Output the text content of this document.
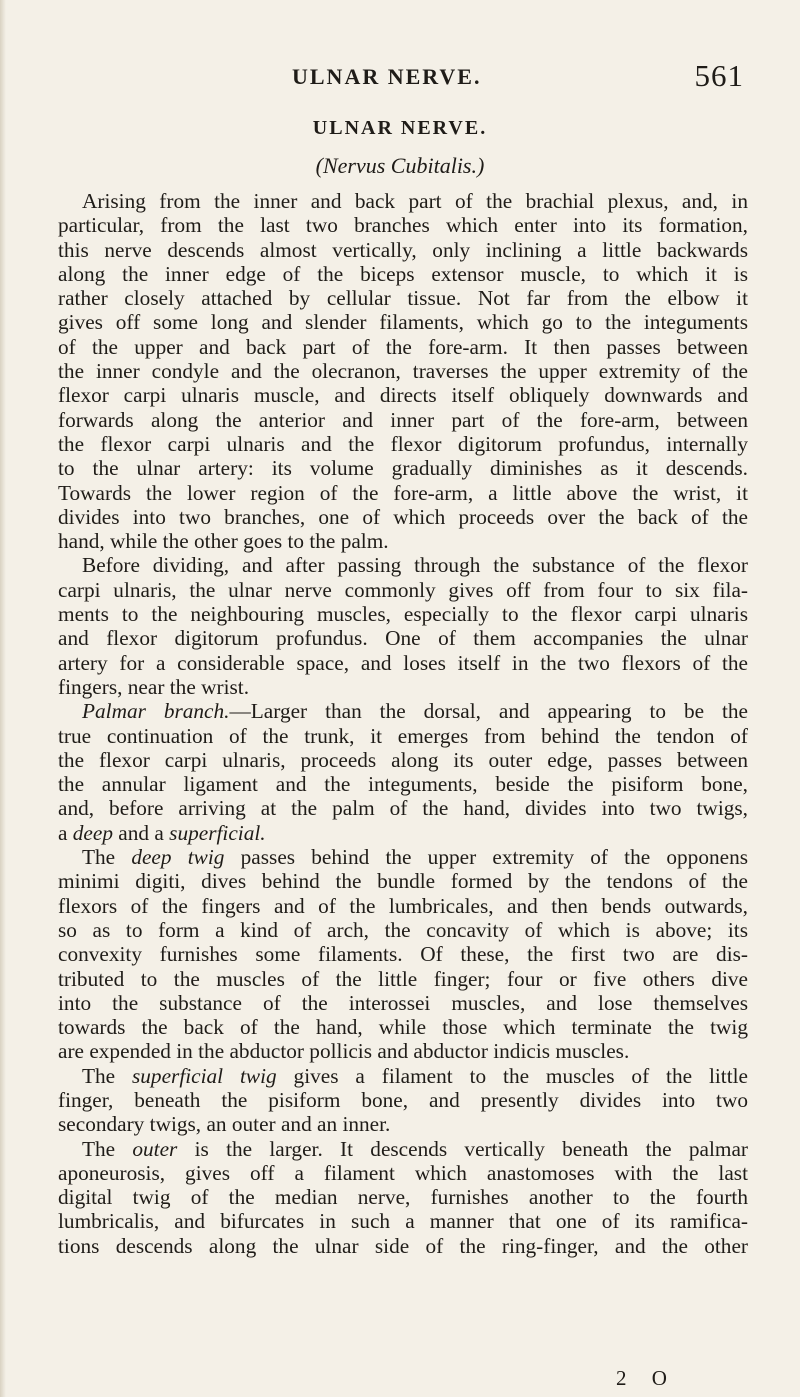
ULNAR NERVE.	561
ULNAR NERVE.
(Nervus Cubitalis.)
Arising from the inner and back part of the brachial plexus, and, in
particular, from the last two branches which enter into its formation,
this nerve descends almost vertically, only inclining a little backwards
along the inner edge of the biceps extensor muscle, to which it is
rather closely attached by cellular tissue. Not far from the elbow it
gives off some long and slender filaments, which go to the integuments
of the upper and back part of the fore-arm. It then passes between
the inner condyle and the olecranon, traverses the upper extremity of the
flexor carpi ulnaris muscle, and directs itself obliquely downwards and
forwards along the anterior and inner part of the fore-arm, between
the flexor carpi ulnaris and the flexor digitorum profundus, internally
to the ulnar artery: its volume gradually diminishes as it descends.
Towards the lower region of the fore-arm, a little above the wrist, it
divides into two branches, one of which proceeds over the back of the
hand, while the other goes to the palm.
Before dividing, and after passing through the substance of the flexor
carpi ulnaris, the ulnar nerve commonly gives off from four to six fila-
ments to the neighbouring muscles, especially to the flexor carpi ulnaris
and flexor digitorum profundus. One of them accompanies the ulnar
artery for a considerable space, and loses itself in the two flexors of the
fingers, near the wrist.
Palmar branch.—Larger than the dorsal, and appearing to be the
true continuation of the trunk, it emerges from behind the tendon of
the flexor carpi ulnaris, proceeds along its outer edge, passes between
the annular ligament and the integuments, beside the pisiform bone,
and, before arriving at the palm of the hand, divides into two twigs,
a deep and a superficial.
The deep twig passes behind the upper extremity of the opponens
minimi digiti, dives behind the bundle formed by the tendons of the
flexors of the fingers and of the lumbricales, and then bends outwards,
so as to form a kind of arch, the concavity of which is above; its
convexity furnishes some filaments. Of these, the first two are dis-
tributed to the muscles of the little finger; four or five others dive
into the substance of the interossei muscles, and lose themselves
towards the back of the hand, while those which terminate the twig
are expended in the abductor pollicis and abductor indicis muscles.
The superficial twig gives a filament to the muscles of the little
finger, beneath the pisiform bone, and presently divides into two
secondary twigs, an outer and an inner.
The outer is the larger. It descends vertically beneath the palmar
aponeurosis, gives off a filament which anastomoses with the last
digital twig of the median nerve, furnishes another to the fourth
lumbricalis, and bifurcates in such a manner that one of its ramifica-
tions descends along the ulnar side of the ring-finger, and the other
2 O
